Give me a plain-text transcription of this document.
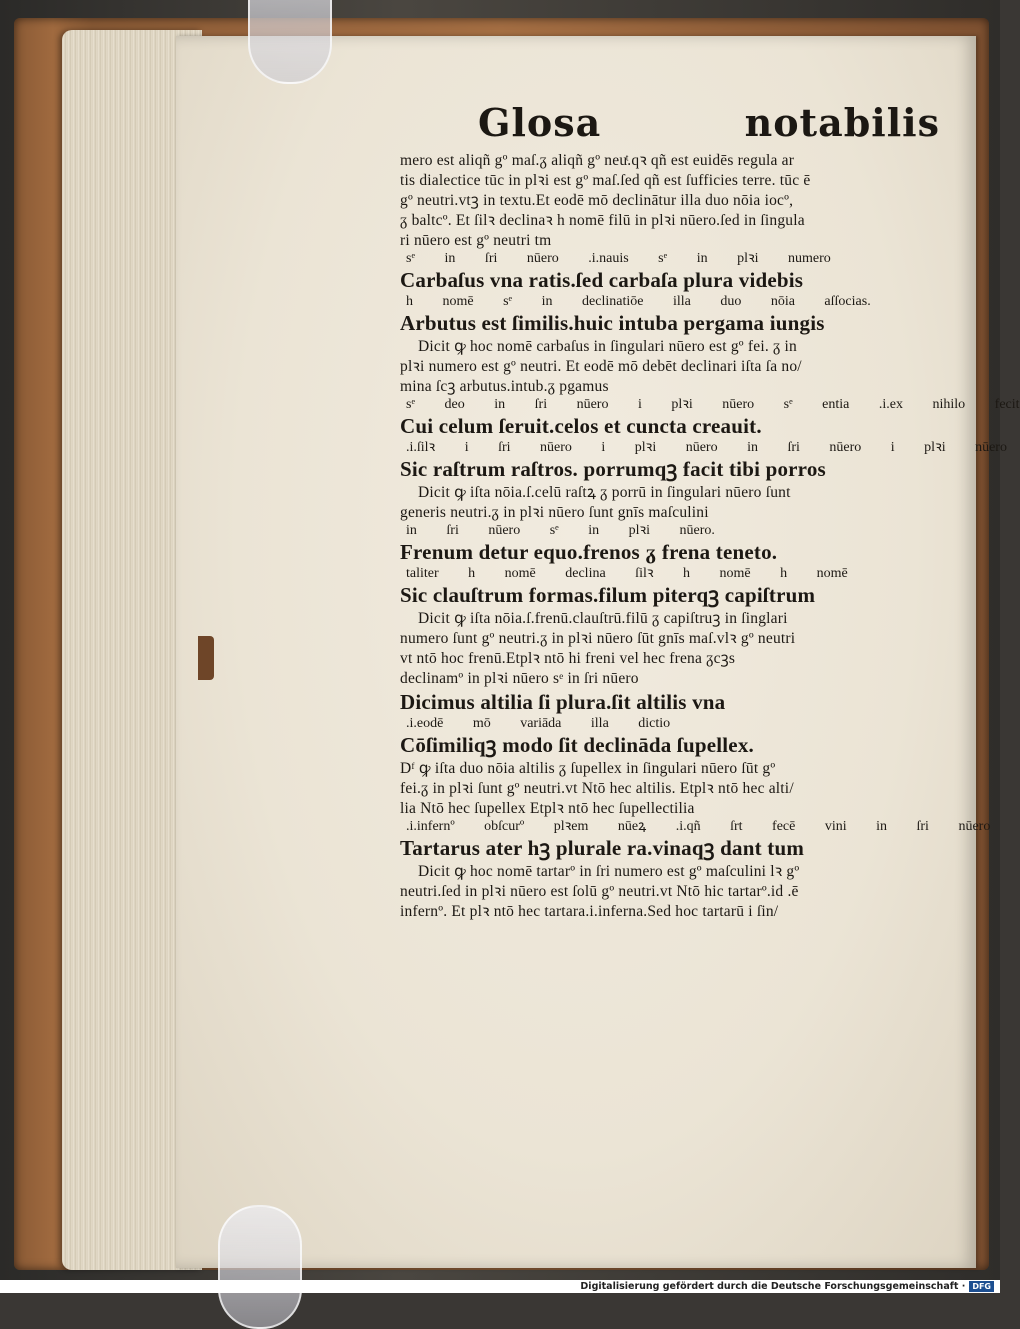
Glosa	notabilis
mero est aliqñ gº maſ.ᵹ aliqñ gº neuͭ.qꝛ qñ est euidēs regula ar
tis dialectice tūc in plꝛi est gº maſ.ſed qñ est ſufficies terre. tūc ē
gº neutri.vtꝫ in textu.Et eodē mō declinātur illa duo nōia iocº,
ᵹ baltcº. Et ſilꝛ declinaꝛ h nomē filū in plꝛi nūero.ſed in ſingula
ri nūero est gº neutri tm
sᵉ in ſri nūero .i.nauis sᵉ in plꝛi numero
Carbaſus vna ratis.ſed carbaſa plura videbis
h nomē sᵉ in declinatiōe illa duo nōia aſſocias.
Arbutus est ſimilis.huic intuba pergama iungis
Dicit ꝙ hoc nomē carbaſus in ſingulari nūero est gº fei. ᵹ in
plꝛi numero est gº neutri. Et eodē mō debēt declinari iſta ſa no/
mina ſcꝫ arbutus.intub.ᵹ pgamus
sᵉ deo in ſri nūero i plꝛi nūero sᵉ entia .i.ex nihilo fecit
Cui celum ſeruit.celos et cuncta creauit.
.i.ſilꝛ i ſri nūero i plꝛi nūero in ſri nūero i plꝛi nūero
Sic raſtrum raſtros. porrumqꝫ facit tibi porros
Dicit ꝙ iſta nōia.ſ.celū raſtꝝ ᵹ porrū in ſingulari nūero ſunt
generis neutri.ᵹ in plꝛi nūero ſunt gnīs maſculini
in ſri nūero sᵉ in plꝛi nūero.
Frenum detur equo.frenos ᵹ frena teneto.
taliter h nomē declina ſilꝛ h nomē h nomē
Sic clauſtrum formas.filum piterqꝫ capiſtrum
Dicit ꝙ iſta nōia.ſ.frenū.clauſtrū.filū ᵹ capiſtruꝫ in ſinglari
numero ſunt gº neutri.ᵹ in plꝛi nūero ſūt gnīs maſ.vlꝛ gº neutri
vt ntō hoc frenū.Etplꝛ ntō hi freni vel hec frena ᵹcꝫs
declinamº in plꝛi nūero sᵉ in ſri nūero
Dicimus altilia ſi plura.ſit altilis vna
.i.eodē mō variāda illa dictio
Cōſimiliqꝫ modo ſit declināda ſupellex.
Dᶠ ꝙ iſta duo nōia altilis ᵹ ſupellex in ſingulari nūero ſūt gº
fei.ᵹ in plꝛi ſunt gº neutri.vt Ntō hec altilis. Etplꝛ ntō hec alti/
lia Ntō hec ſupellex Etplꝛ ntō hec ſupellectilia
.i.infernº obſcurº plꝛem nūeꝝ .i.qñ ſrt fecē vini in ſri nūero
Tartarus ater hꝫ plurale ra.vinaqꝫ dant tum
Dicit ꝙ hoc nomē tartarº in ſri numero est gº maſculini lꝛ gº
neutri.ſed in plꝛi nūero est ſolū gº neutri.vt Ntō hic tartarº.id .ē
infernº. Et plꝛ ntō hec tartara.i.inferna.Sed hoc tartarū i ſin/
Digitalisierung gefördert durch die Deutsche Forschungsgemeinschaft · DFG
